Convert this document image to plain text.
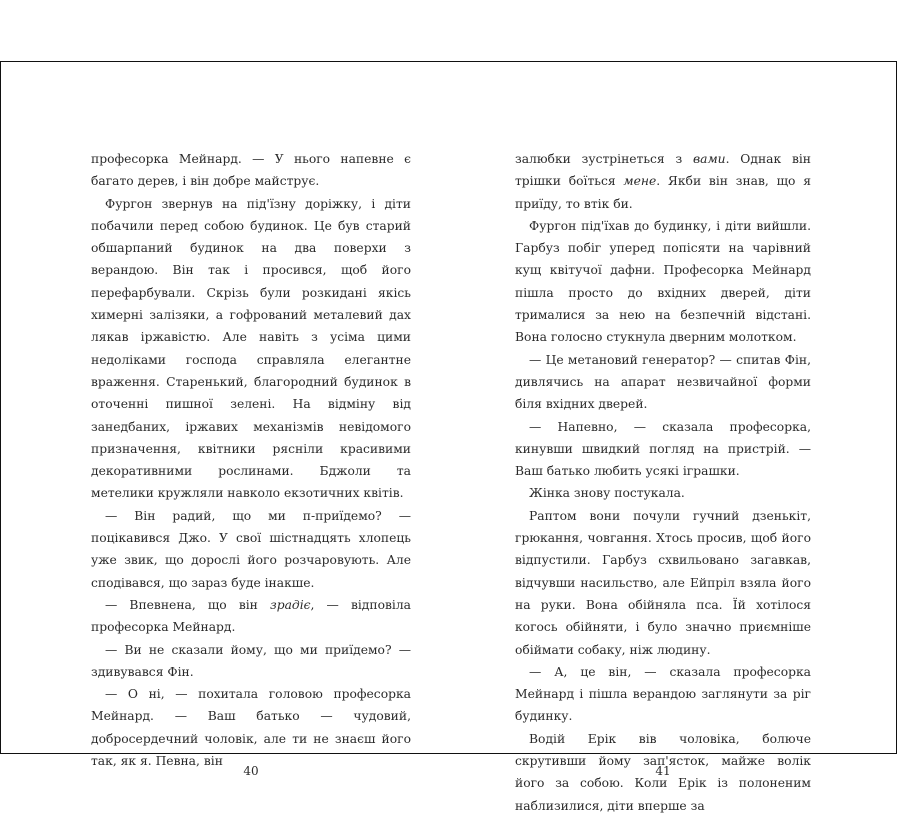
професорка Мейнард. — У нього напевне є багато дерев, і він добре майструє.

Фургон звернув на під'їзну доріжку, і діти побачили перед собою будинок. Це був старий обшарпаний будинок на два поверхи з верандою. Він так і просився, щоб його перефарбували. Скрізь були розкидані якісь химерні залізяки, а гофрований металевий дах лякав іржавістю. Але навіть з усіма цими недоліками господа справляла елегантне враження. Старенький, благородний будинок в оточенні пишної зелені. На відміну від занедбаних, іржавих механізмів невідомого призначення, квітники рясніли красивими декоративними рослинами. Бджоли та метелики кружляли навколо екзотичних квітів.

— Він радий, що ми п-приїдемо? — поцікавився Джо. У свої шістнадцять хлопець уже звик, що дорослі його розчаровують. Але сподівався, що зараз буде інакше.

— Впевнена, що він зрадіє, — відповіла професорка Мейнард.

— Ви не сказали йому, що ми приїдемо? — здивувався Фін.

— О ні, — похитала головою професорка Мейнард. — Ваш батько — чудовий, добросердечний чоловік, але ти не знаєш його так, як я. Певна, він

40

залюбки зустрінеться з вами. Однак він трішки боїться мене. Якби він знав, що я приїду, то втік би.

Фургон під'їхав до будинку, і діти вийшли. Гарбуз побіг уперед попісяти на чарівний кущ квітучої дафни. Професорка Мейнард пішла просто до вхідних дверей, діти трималися за нею на безпечній відстані. Вона голосно стукнула дверним молотком.

— Це метановий генератор? — спитав Фін, дивлячись на апарат незвичайної форми біля вхідних дверей.

— Напевно, — сказала професорка, кинувши швидкий погляд на пристрій. — Ваш батько любить усякі іграшки.

Жінка знову постукала.

Раптом вони почули гучний дзенькіт, грюкання, човгання. Хтось просив, щоб його відпустили. Гарбуз схвильовано загавкав, відчувши насильство, але Ейпріл взяла його на руки. Вона обійняла пса. Їй хотілося когось обійняти, і було значно приємніше обіймати собаку, ніж людину.

— А, це він, — сказала професорка Мейнард і пішла верандою заглянути за ріг будинку.

Водій Ерік вів чоловіка, болюче скрутивши йому зап'ясток, майже волік його за собою. Коли Ерік із полоненим наблизилися, діти вперше за

41
